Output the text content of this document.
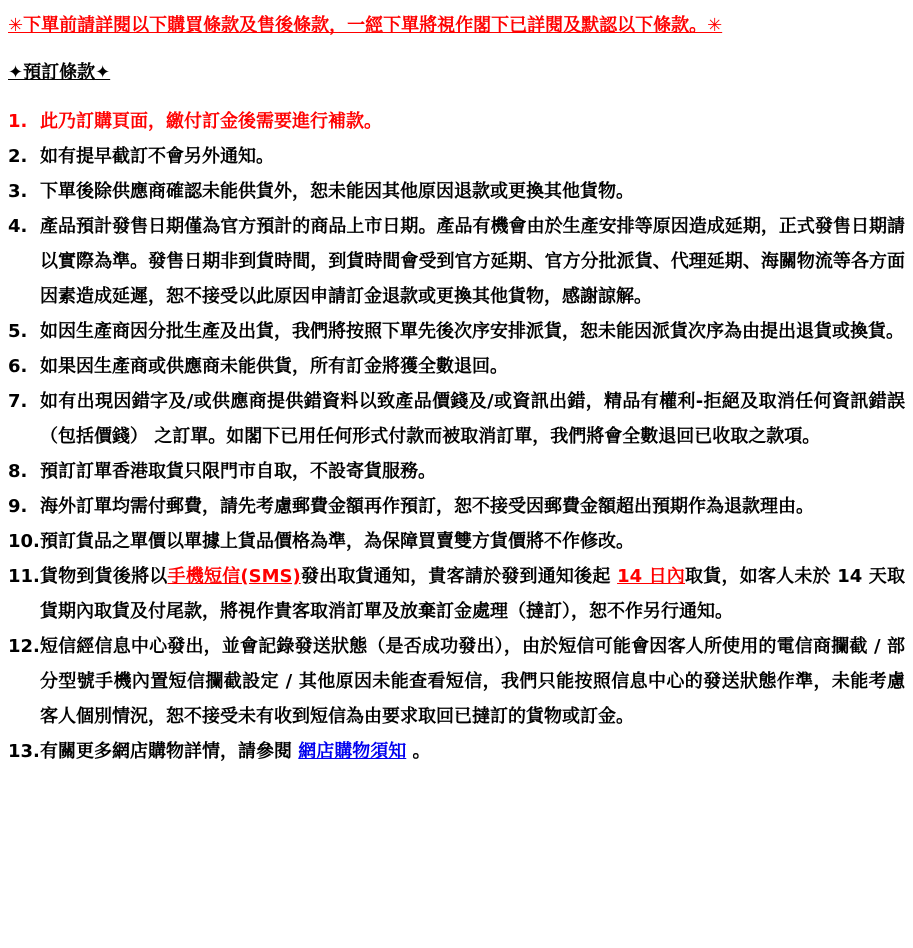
✳下單前請詳閱以下購買條款及售後條款，一經下單將視作閣下已詳閱及默認以下條款。✳
✦預訂條款✦
1. 此乃訂購頁面，繳付訂金後需要進行補款。
2. 如有提早截訂不會另外通知。
3. 下單後除供應商確認未能供貨外，恕未能因其他原因退款或更換其他貨物。
4. 產品預計發售日期僅為官方預計的商品上市日期。產品有機會由於生產安排等原因造成延期，正式發售日期請以實際為準。發售日期非到貨時間，到貨時間會受到官方延期、官方分批派貨、代理延期、海關物流等各方面因素造成延遲，恕不接受以此原因申請訂金退款或更換其他貨物，感謝諒解。
5. 如因生產商因分批生產及出貨，我們將按照下單先後次序安排派貨，恕未能因派貨次序為由提出退貨或換貨。
6. 如果因生產商或供應商未能供貨，所有訂金將獲全數退回。
7. 如有出現因錯字及/或供應商提供錯資料以致產品價錢及/或資訊出錯，精品有權利-拒絕及取消任何資訊錯誤（包括價錢） 之訂單。如閣下已用任何形式付款而被取消訂單，我們將會全數退回已收取之款項。
8. 預訂訂單香港取貨只限門市自取，不設寄貨服務。
9. 海外訂單均需付郵費，請先考慮郵費金額再作預訂，恕不接受因郵費金額超出預期作為退款理由。
10. 預訂貨品之單價以單據上貨品價格為準，為保障買賣雙方貨價將不作修改。
11. 貨物到貨後將以手機短信(SMS)發出取貨通知，貴客請於發到通知後起 14 日內取貨，如客人未於 14 天取貨期內取貨及付尾款，將視作貴客取消訂單及放棄訂金處理（撻訂），恕不作另行通知。
12. 短信經信息中心發出，並會記錄發送狀態（是否成功發出），由於短信可能會因客人所使用的電信商攔截 / 部分型號手機內置短信攔截設定 / 其他原因未能查看短信，我們只能按照信息中心的發送狀態作準，未能考慮客人個別情況，恕不接受未有收到短信為由要求取回已撻訂的貨物或訂金。
13. 有關更多網店購物詳情，請參閱 網店購物須知 。
